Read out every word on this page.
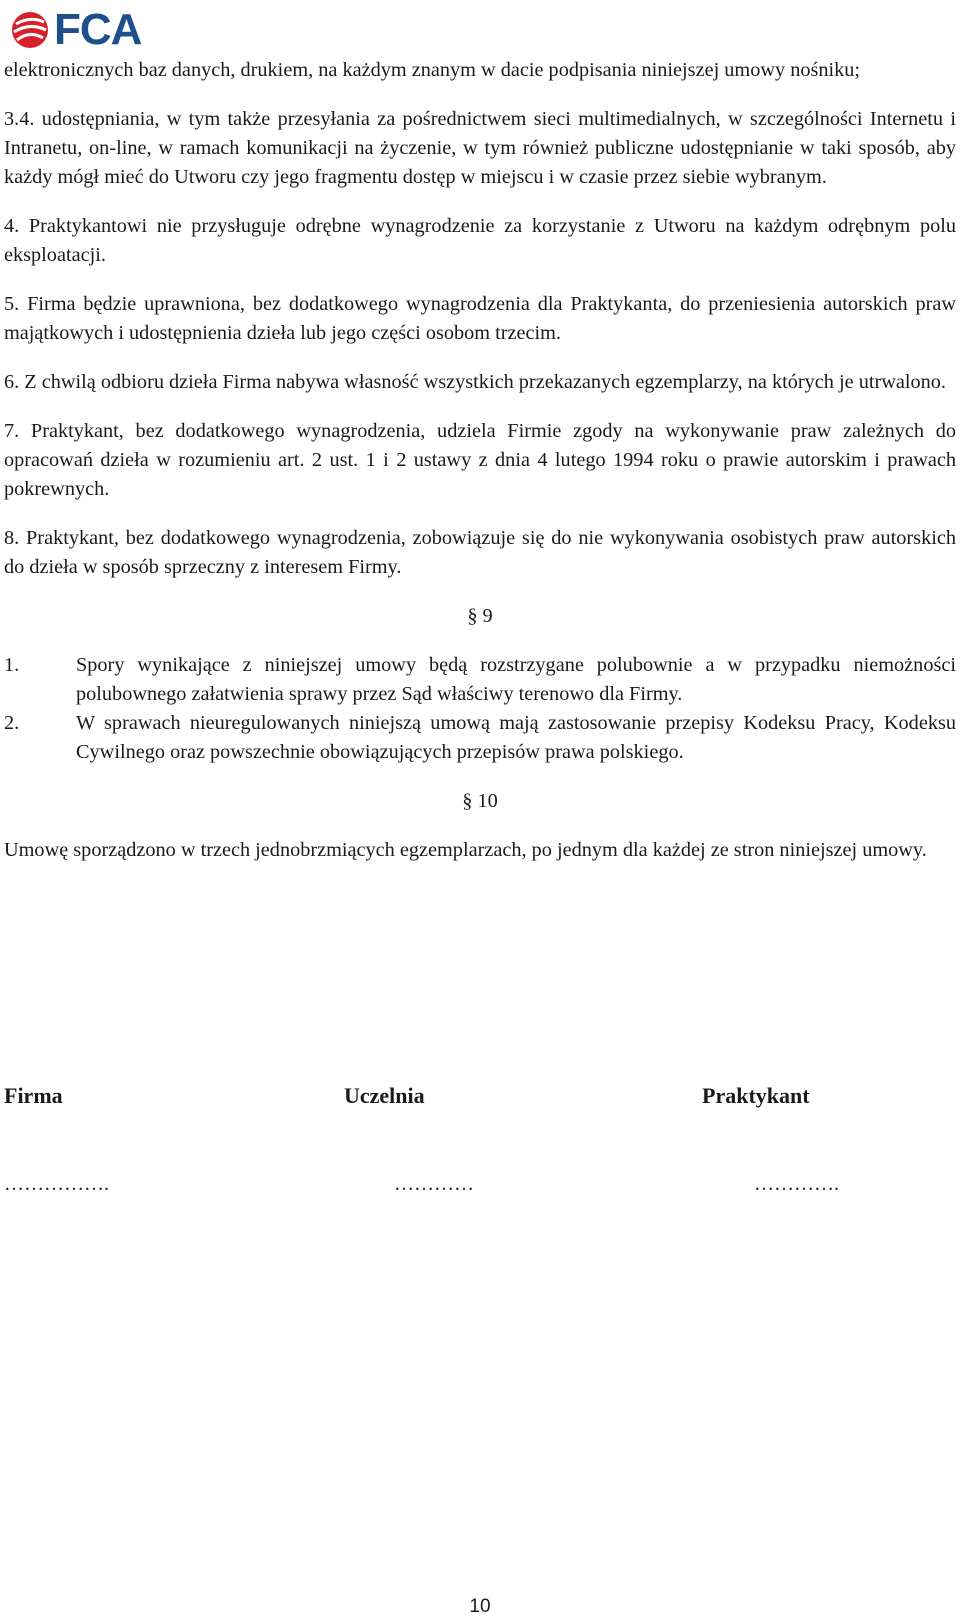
FCA

elektronicznych baz danych, drukiem, na każdym znanym w dacie podpisania niniejszej umowy nośniku;

3.4. udostępniania, w tym także przesyłania za pośrednictwem sieci multimedialnych, w szczególności Internetu i Intranetu, on-line, w ramach komunikacji na życzenie, w tym również publiczne udostępnianie w taki sposób, aby każdy mógł mieć do Utworu czy jego fragmentu dostęp w miejscu i w czasie przez siebie wybranym.

4. Praktykantowi nie przysługuje odrębne wynagrodzenie za korzystanie z Utworu na każdym odrębnym polu eksploatacji.

5. Firma będzie uprawniona, bez dodatkowego wynagrodzenia dla Praktykanta, do przeniesienia autorskich praw majątkowych i udostępnienia dzieła lub jego części osobom trzecim.

6. Z chwilą odbioru dzieła Firma nabywa własność wszystkich przekazanych egzemplarzy, na których je utrwalono.

7. Praktykant, bez dodatkowego wynagrodzenia, udziela Firmie zgody na wykonywanie praw zależnych do opracowań dzieła w rozumieniu art. 2 ust. 1 i 2 ustawy z dnia 4 lutego 1994 roku o prawie autorskim i prawach pokrewnych.

8. Praktykant, bez dodatkowego wynagrodzenia, zobowiązuje się do nie wykonywania osobistych praw autorskich do dzieła w sposób sprzeczny z interesem Firmy.

§ 9

1.	Spory wynikające z niniejszej umowy będą rozstrzygane polubownie a w przypadku niemożności polubownego załatwienia sprawy przez Sąd właściwy terenowo dla Firmy.
2.	W sprawach nieuregulowanych niniejszą umową mają zastosowanie przepisy Kodeksu Pracy, Kodeksu Cywilnego oraz powszechnie obowiązujących przepisów prawa polskiego.

§ 10

Umowę sporządzono w trzech jednobrzmiących egzemplarzach, po jednym dla każdej ze stron niniejszej umowy.

Firma	Uczelnia	Praktykant
…………….	…………	………….
10
